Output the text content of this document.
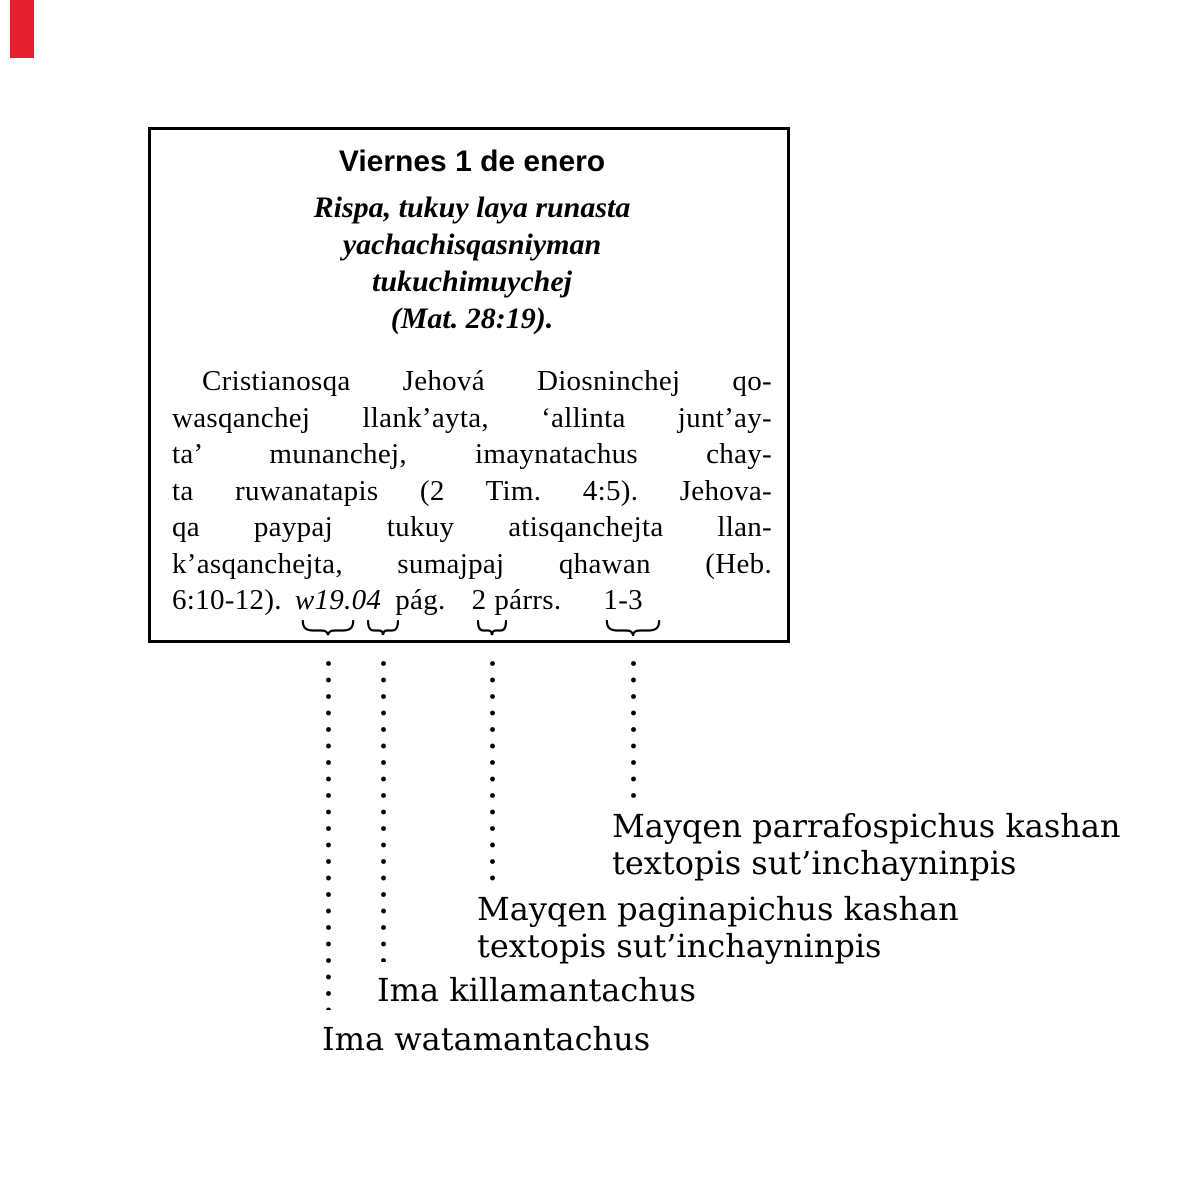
Viernes 1 de enero
Rispa, tukuy laya runasta
yachachisqasniyman
tukuchimuychej
(Mat. 28:19).
Cristianosqa Jehová Diosninchej qo-
wasqanchej llank’ayta, ‘allinta junt’ay-
ta’ munanchej, imaynatachus chay-
ta ruwanatapis (2 Tim. 4:5). Jehova-
qa paypaj tukuy atisqanchejta llan-
k’asqanchejta, sumajpaj qhawan (Heb.
6:10-12). w19.04 pág. 2 párrs. 1-3
Mayqen parrafospichus kashan
textopis sut’inchayninpis
Mayqen paginapichus kashan
textopis sut’inchayninpis
Ima killamantachus
Ima watamantachus
